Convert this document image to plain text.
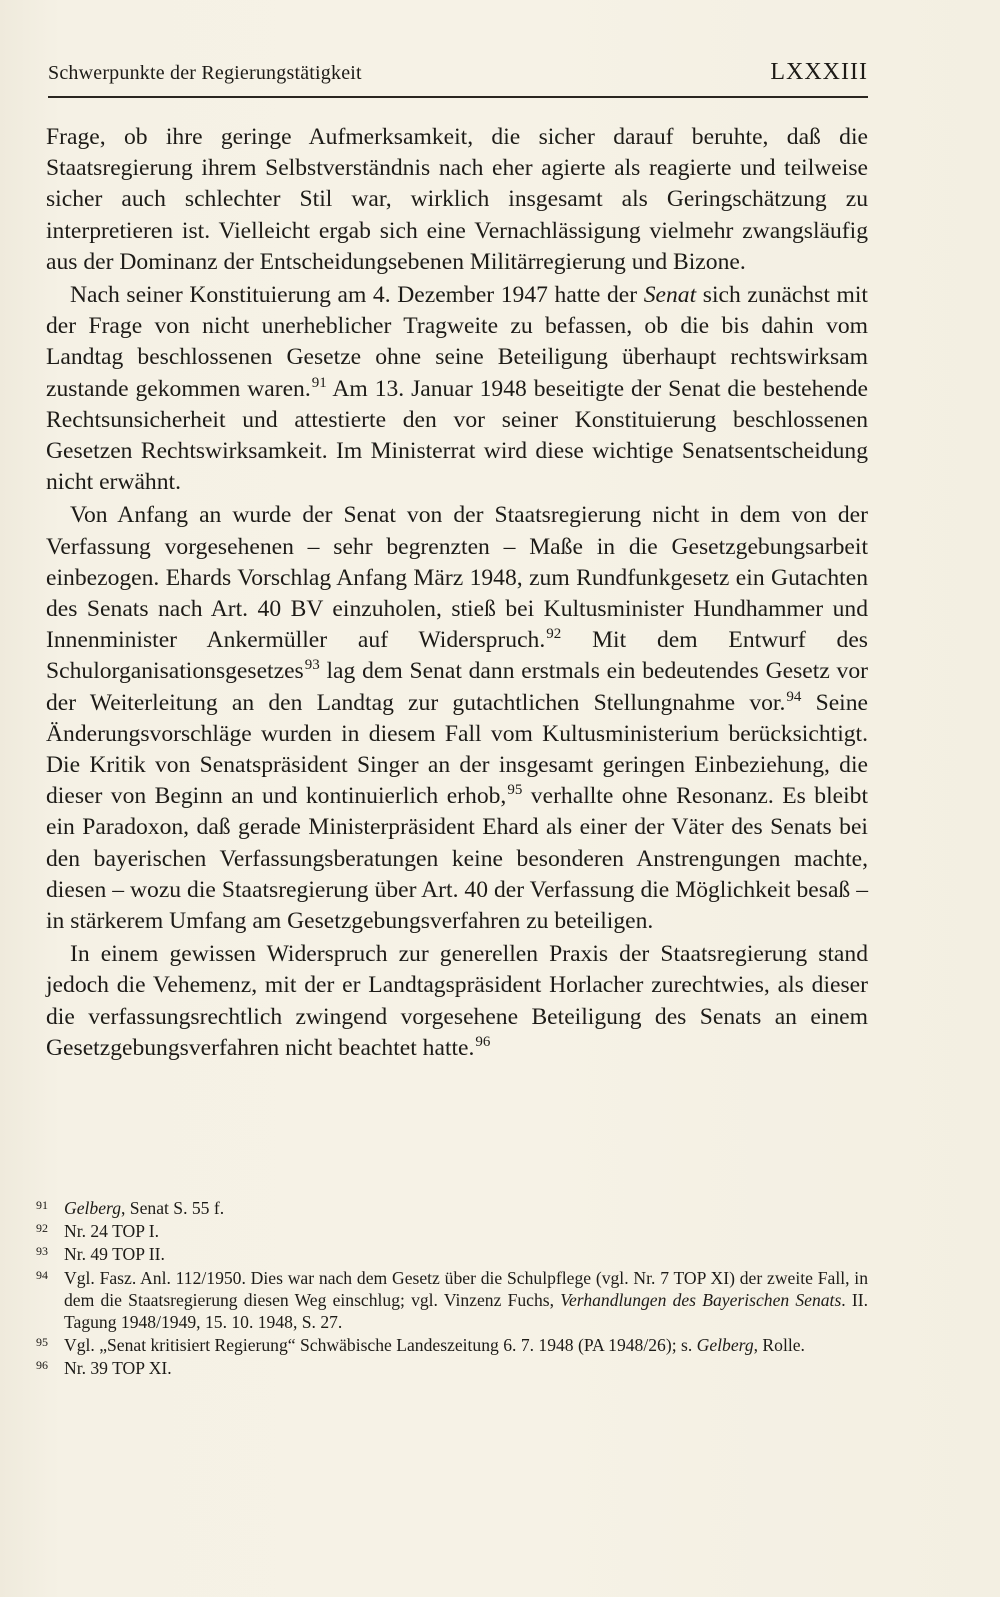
Schwerpunkte der Regierungstätigkeit	LXXXIII

Frage, ob ihre geringe Aufmerksamkeit, die sicher darauf beruhte, daß die Staatsregierung ihrem Selbstverständnis nach eher agierte als reagierte und teilweise sicher auch schlechter Stil war, wirklich insgesamt als Geringschätzung zu interpretieren ist. Vielleicht ergab sich eine Vernachlässigung vielmehr zwangsläufig aus der Dominanz der Entscheidungsebenen Militärregierung und Bizone.

Nach seiner Konstituierung am 4. Dezember 1947 hatte der Senat sich zunächst mit der Frage von nicht unerheblicher Tragweite zu befassen, ob die bis dahin vom Landtag beschlossenen Gesetze ohne seine Beteiligung überhaupt rechtswirksam zustande gekommen waren.$^{91}$ Am 13. Januar 1948 beseitigte der Senat die bestehende Rechtsunsicherheit und attestierte den vor seiner Konstituierung beschlossenen Gesetzen Rechtswirksamkeit. Im Ministerrat wird diese wichtige Senatsentscheidung nicht erwähnt.

Von Anfang an wurde der Senat von der Staatsregierung nicht in dem von der Verfassung vorgesehenen – sehr begrenzten – Maße in die Gesetzgebungsarbeit einbezogen. Ehards Vorschlag Anfang März 1948, zum Rundfunkgesetz ein Gutachten des Senats nach Art. 40 BV einzuholen, stieß bei Kultusminister Hundhammer und Innenminister Ankermüller auf Widerspruch.$^{92}$ Mit dem Entwurf des Schulorganisationsgesetzes$^{93}$ lag dem Senat dann erstmals ein bedeutendes Gesetz vor der Weiterleitung an den Landtag zur gutachtlichen Stellungnahme vor.$^{94}$ Seine Änderungsvorschläge wurden in diesem Fall vom Kultusministerium berücksichtigt. Die Kritik von Senatspräsident Singer an der insgesamt geringen Einbeziehung, die dieser von Beginn an und kontinuierlich erhob,$^{95}$ verhallte ohne Resonanz. Es bleibt ein Paradoxon, daß gerade Ministerpräsident Ehard als einer der Väter des Senats bei den bayerischen Verfassungsberatungen keine besonderen Anstrengungen machte, diesen – wozu die Staatsregierung über Art. 40 der Verfassung die Möglichkeit besaß – in stärkerem Umfang am Gesetzgebungsverfahren zu beteiligen.

In einem gewissen Widerspruch zur generellen Praxis der Staatsregierung stand jedoch die Vehemenz, mit der er Landtagspräsident Horlacher zurechtwies, als dieser die verfassungsrechtlich zwingend vorgesehene Beteiligung des Senats an einem Gesetzgebungsverfahren nicht beachtet hatte.$^{96}$

91 Gelberg, Senat S. 55 f.
92 Nr. 24 TOP I.
93 Nr. 49 TOP II.
94 Vgl. Fasz. Anl. 112/1950. Dies war nach dem Gesetz über die Schulpflege (vgl. Nr. 7 TOP XI) der zweite Fall, in dem die Staatsregierung diesen Weg einschlug; vgl. Vinzenz Fuchs, Verhandlungen des Bayerischen Senats. II. Tagung 1948/1949, 15. 10. 1948, S. 27.
95 Vgl. „Senat kritisiert Regierung“ Schwäbische Landeszeitung 6. 7. 1948 (PA 1948/26); s. Gelberg, Rolle.
96 Nr. 39 TOP XI.
